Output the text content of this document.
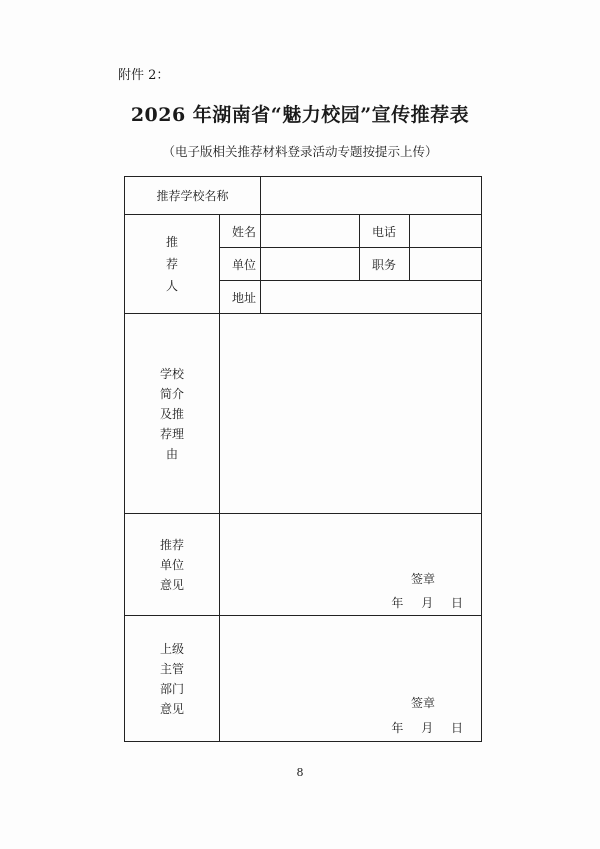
附件 2：
2026 年湖南省“魅力校园”宣传推荐表
（电子版相关推荐材料登录活动专题按提示上传）
推荐学校名称				

推
荐
人	姓名		电话	
	单位		职务	
	地址			

学校
简介
及推
荐理
由				

推荐
单位
意见	签章
年 月 日			

上级
主管
部门
意见	签章
年 月 日			
8
